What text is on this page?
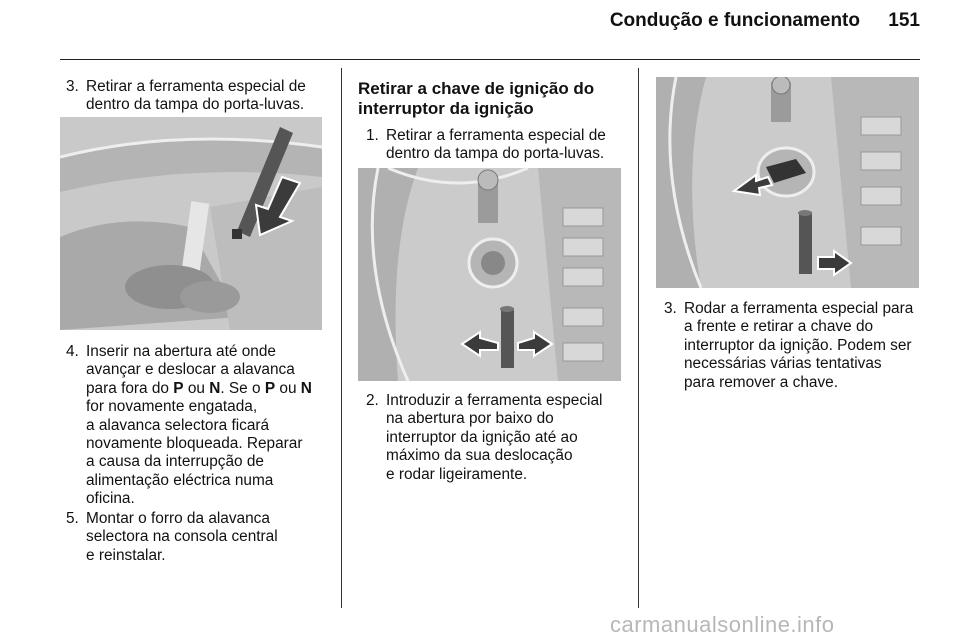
Condução e funcionamento	151
3. Retirar a ferramenta especial de
dentro da tampa do porta-luvas.
4. Inserir na abertura até onde
avançar e deslocar a alavanca
para fora do P ou N. Se o P ou N
for novamente engatada,
a alavanca selectora ficará
novamente bloqueada. Reparar
a causa da interrupção de
alimentação eléctrica numa
oficina.
5. Montar o forro da alavanca
selectora na consola central
e reinstalar.
Retirar a chave de ignição do
interruptor da ignição
1. Retirar a ferramenta especial de
dentro da tampa do porta-luvas.
2. Introduzir a ferramenta especial
na abertura por baixo do
interruptor da ignição até ao
máximo da sua deslocação
e rodar ligeiramente.
3. Rodar a ferramenta especial para
a frente e retirar a chave do
interruptor da ignição. Podem ser
necessárias várias tentativas
para remover a chave.
carmanualsonline.info
